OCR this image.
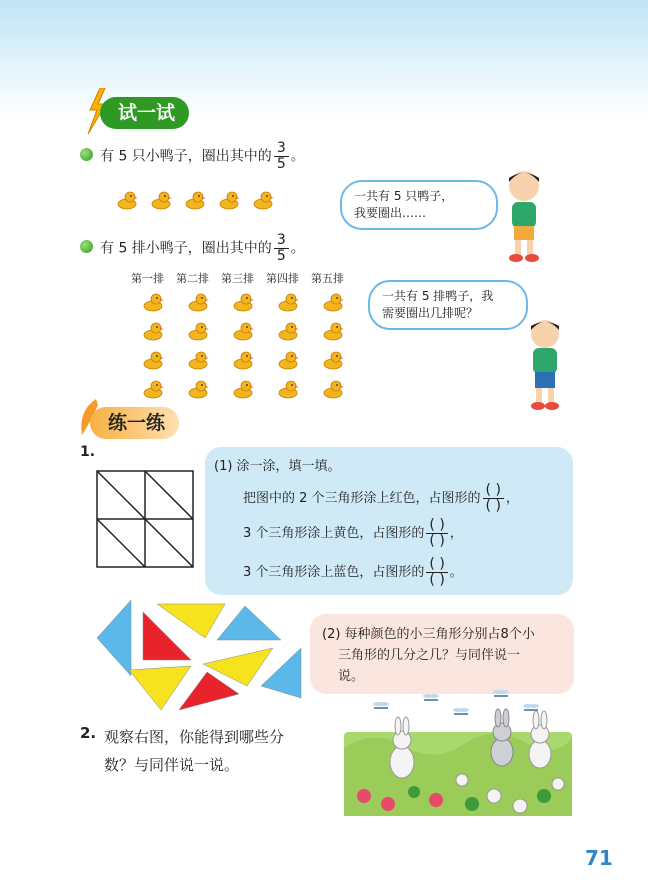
试一试
有 5 只小鸭子，圈出其中的 $\frac{3}{5}$ 。
一共有 5 只鸭子，
我要圈出……
有 5 排小鸭子，圈出其中的 $\frac{3}{5}$ 。
第一排 第二排 第三排 第四排 第五排
一共有 5 排鸭子，我
需要圈出几排呢？
练一练
1.
(1) 涂一涂，填一填。
把图中的 2 个三角形涂上红色，占图形的 $\frac{( )}{( )}$ ，
3 个三角形涂上黄色，占图形的 $\frac{( )}{( )}$ ，
3 个三角形涂上蓝色，占图形的 $\frac{( )}{( )}$ 。
(2) 每种颜色的小三角形分别占8个小
三角形的几分之几？与同伴说一
说。
2. 观察右图，你能得到哪些分
数？与同伴说一说。
71
